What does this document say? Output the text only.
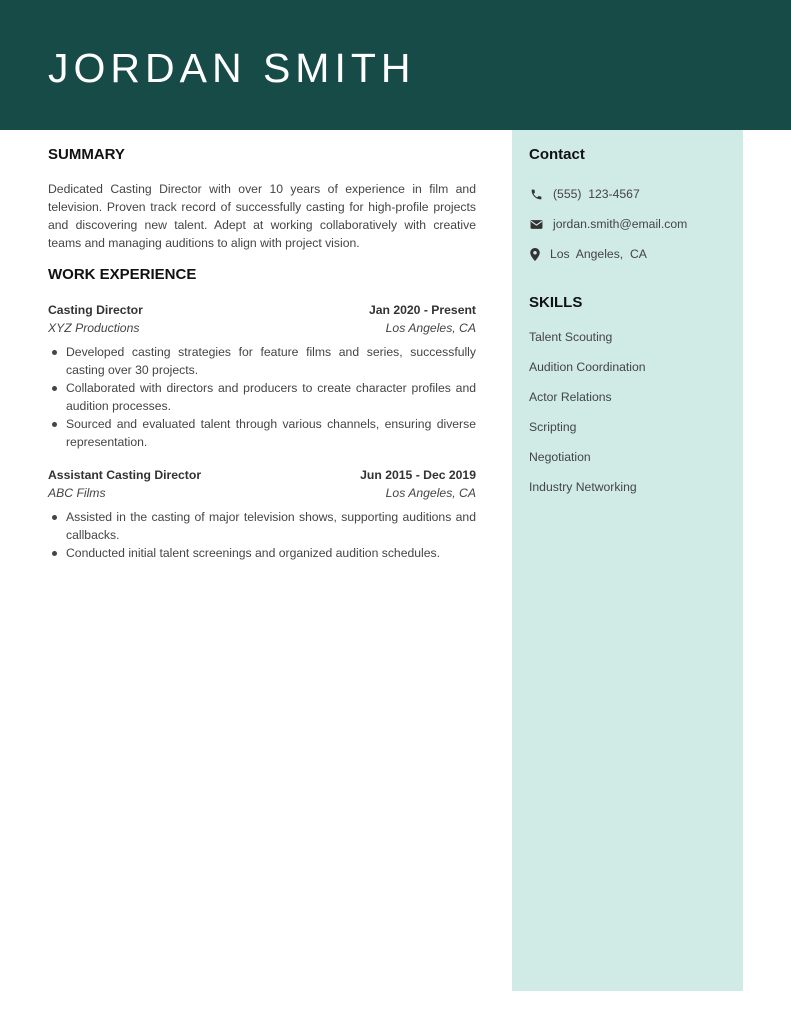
JORDAN SMITH
SUMMARY

Dedicated Casting Director with over 10 years of experience in film and television. Proven track record of successfully casting for high-profile projects and discovering new talent. Adept at working collaboratively with creative teams and managing auditions to align with project vision.

WORK EXPERIENCE
Casting Director	Jan 2020 - Present
XYZ Productions	Los Angeles, CA
Developed casting strategies for feature films and series, successfully casting over 30 projects.
Collaborated with directors and producers to create character profiles and audition processes.
Sourced and evaluated talent through various channels, ensuring diverse representation.
Assistant Casting Director	Jun 2015 - Dec 2019
ABC Films	Los Angeles, CA
Assisted in the casting of major television shows, supporting auditions and callbacks.
Conducted initial talent screenings and organized audition schedules.
Contact
(555)  123-4567
jordan.smith@email.com
Los  Angeles,  CA
SKILLS
Talent Scouting
Audition Coordination
Actor Relations
Scripting
Negotiation
Industry Networking
